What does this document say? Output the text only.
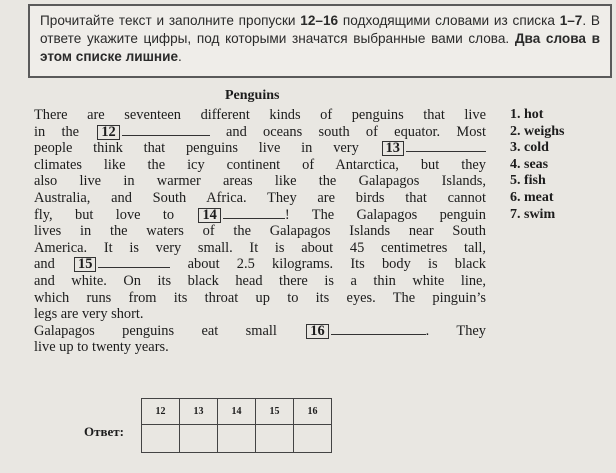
Прочитайте текст и заполните пропуски 12–16 подходящими словами из списка 1–7. В ответе укажите цифры, под которыми значатся выбранные вами слова. Два слова в этом списке лишние.
Penguins
There are seventeen different kinds of penguins that live
in the 12	and oceans south of equator. Most
people think that penguins live in very 13
climates like the icy continent of Antarctica, but they
also live in warmer areas like the Galapagos Islands,
Australia, and South Africa. They are birds that cannot
fly, but love to 14	! The Galapagos penguin
lives in the waters of the Galapagos Islands near South
America. It is very small. It is about 45 centimetres tall,
and 15	about 2.5 kilograms. Its body is black
and white. On its black head there is a thin white line,
which runs from its throat up to its eyes. The pinguin’s
legs are very short.
Galapagos penguins eat small 16	. They
live up to twenty years.
1. hot
2. weighs
3. cold
4. seas
5. fish
6. meat
7. swim
Ответ:
12	13	14	15	16
